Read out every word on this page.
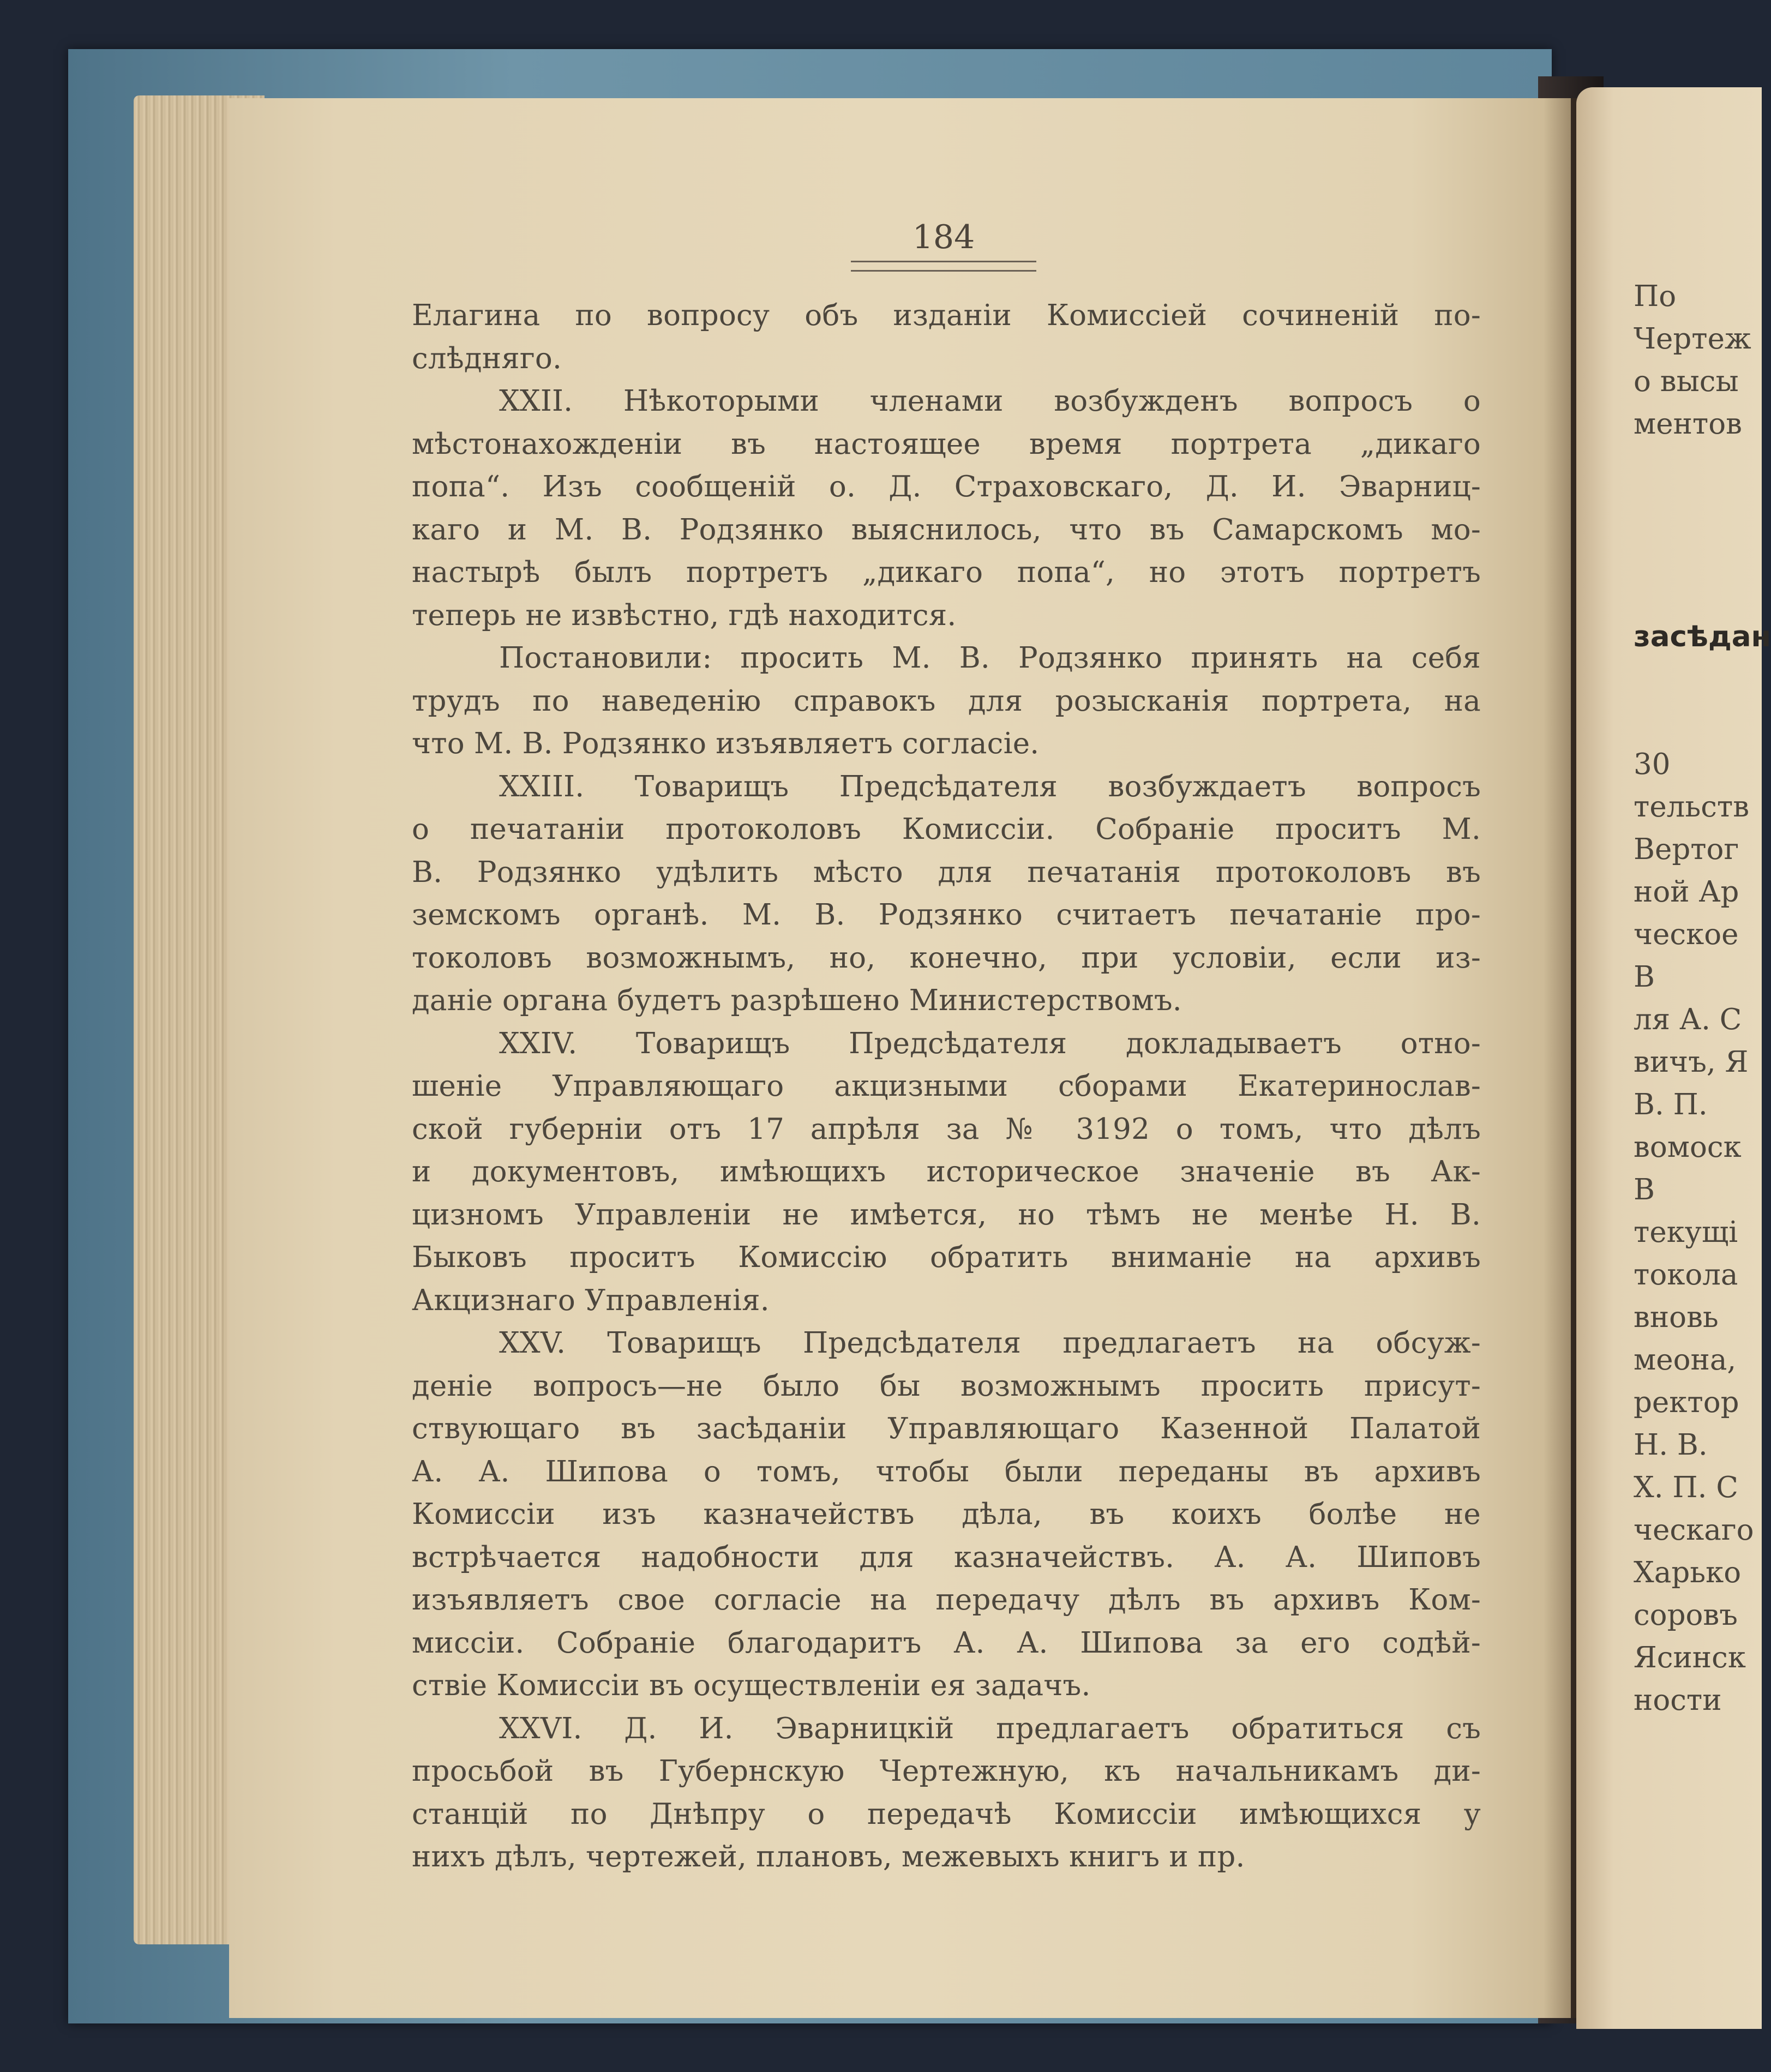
184
Елагина по вопросу объ изданіи Комиссіей сочиненій по-
слѣдняго.
XXII. Нѣкоторыми членами возбужденъ вопросъ о
мѣстонахожденіи въ настоящее время портрета „дикаго
попа“. Изъ сообщеній о. Д. Страховскаго, Д. И. Эварниц-
каго и М. В. Родзянко выяснилось, что въ Самарскомъ мо-
настырѣ былъ портретъ „дикаго попа“, но этотъ портретъ
теперь не извѣстно, гдѣ находится.
Постановили: просить М. В. Родзянко принять на себя
трудъ по наведенію справокъ для розысканія портрета, на
что М. В. Родзянко изъявляетъ согласіе.
XXIII. Товарищъ Предсѣдателя возбуждаетъ вопросъ
о печатаніи протоколовъ Комиссіи. Собраніе проситъ М.
В. Родзянко удѣлить мѣсто для печатанія протоколовъ въ
земскомъ органѣ. М. В. Родзянко считаетъ печатаніе про-
токоловъ возможнымъ, но, конечно, при условіи, если из-
даніе органа будетъ разрѣшено Министерствомъ.
XXIV. Товарищъ Предсѣдателя докладываетъ отно-
шеніе Управляющаго акцизными сборами Екатеринослав-
ской губерніи отъ 17 апрѣля за № 3192 о томъ, что дѣлъ
и документовъ, имѣющихъ историческое значеніе въ Ак-
цизномъ Управленіи не имѣется, но тѣмъ не менѣе Н. В.
Быковъ проситъ Комиссію обратить вниманіе на архивъ
Акцизнаго Управленія.
XXV. Товарищъ Предсѣдателя предлагаетъ на обсуж-
деніе вопросъ—не было бы возможнымъ просить присут-
ствующаго въ засѣданіи Управляющаго Казенной Палатой
А. А. Шипова о томъ, чтобы были переданы въ архивъ
Комиссіи изъ казначействъ дѣла, въ коихъ болѣе не
встрѣчается надобности для казначействъ. А. А. Шиповъ
изъявляетъ свое согласіе на передачу дѣлъ въ архивъ Ком-
миссіи. Собраніе благодаритъ А. А. Шипова за его содѣй-
ствіе Комиссіи въ осуществленіи ея задачъ.
XXVI. Д. И. Эварницкій предлагаетъ обратиться съ
просьбой въ Губернскую Чертежную, къ начальникамъ ди-
станцій по Днѣпру о передачѣ Комиссіи имѣющихся у
нихъ дѣлъ, чертежей, плановъ, межевыхъ книгъ и пр.
По
Чертеж
о высы
ментов
засѣдан
30
тельств
Вертог
ной Ар
ческое
В
ля А. С
вичъ, Я
В. П.
вомоск
В
текущі
токола
вновь
меона,
ректор
Н. В.
Х. П. С
ческаго
Харько
соровъ
Ясинск
ности
